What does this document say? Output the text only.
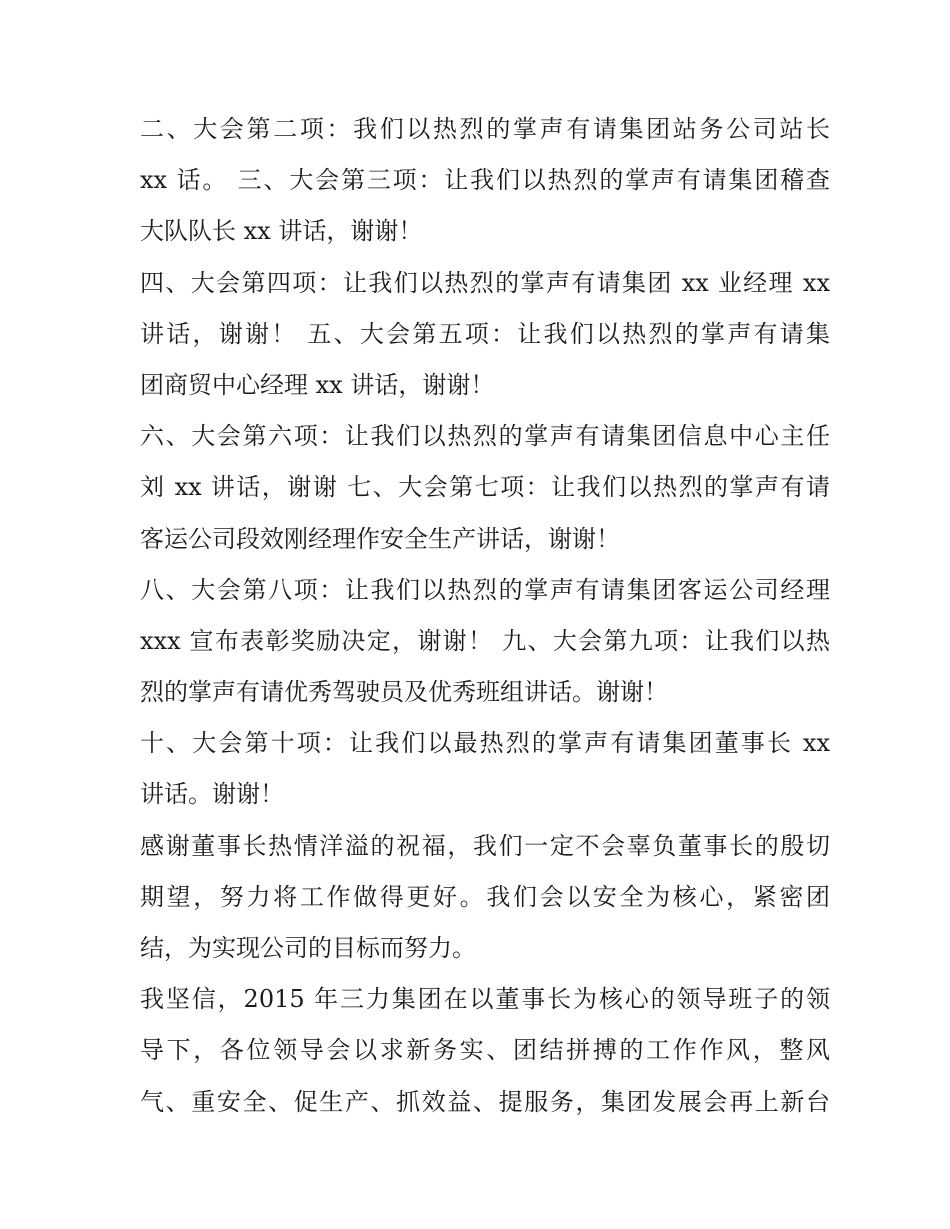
二、大会第二项：我们以热烈的掌声有请集团站务公司站长
xx 话。 三、大会第三项：让我们以热烈的掌声有请集团稽查
大队队长 xx 讲话，谢谢！
四、大会第四项：让我们以热烈的掌声有请集团 xx 业经理 xx
讲话，谢谢！ 五、大会第五项：让我们以热烈的掌声有请集
团商贸中心经理 xx 讲话，谢谢！
六、大会第六项：让我们以热烈的掌声有请集团信息中心主任
刘 xx 讲话，谢谢 七、大会第七项：让我们以热烈的掌声有请
客运公司段效刚经理作安全生产讲话，谢谢！
八、大会第八项：让我们以热烈的掌声有请集团客运公司经理
xxx 宣布表彰奖励决定，谢谢！ 九、大会第九项：让我们以热
烈的掌声有请优秀驾驶员及优秀班组讲话。谢谢！
十、大会第十项：让我们以最热烈的掌声有请集团董事长 xx
讲话。谢谢！
感谢董事长热情洋溢的祝福，我们一定不会辜负董事长的殷切
期望，努力将工作做得更好。我们会以安全为核心，紧密团
结，为实现公司的目标而努力。
我坚信，2015 年三力集团在以董事长为核心的领导班子的领
导下，各位领导会以求新务实、团结拼搏的工作作风，整风
气、重安全、促生产、抓效益、提服务，集团发展会再上新台
